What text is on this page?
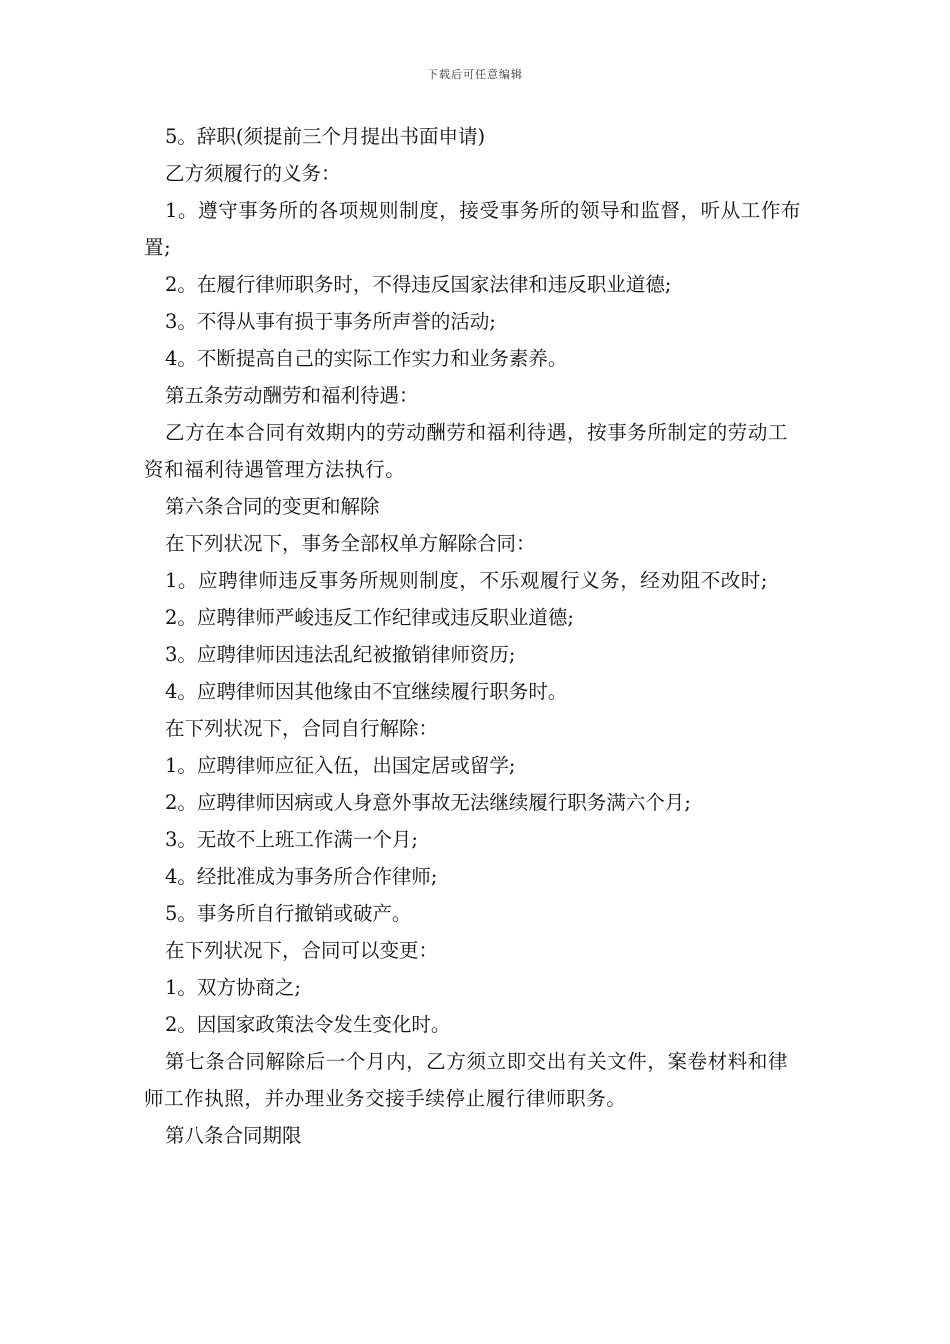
下载后可任意编辑

5。辞职(须提前三个月提出书面申请)

乙方须履行的义务：

1。遵守事务所的各项规则制度，接受事务所的领导和监督，听从工作布置;

2。在履行律师职务时，不得违反国家法律和违反职业道德;

3。不得从事有损于事务所声誉的活动;

4。不断提高自己的实际工作实力和业务素养。

第五条劳动酬劳和福利待遇：

乙方在本合同有效期内的劳动酬劳和福利待遇，按事务所制定的劳动工资和福利待遇管理方法执行。

第六条合同的变更和解除

在下列状况下，事务全部权单方解除合同：

1。应聘律师违反事务所规则制度，不乐观履行义务，经劝阻不改时;

2。应聘律师严峻违反工作纪律或违反职业道德;

3。应聘律师因违法乱纪被撤销律师资历;

4。应聘律师因其他缘由不宜继续履行职务时。

在下列状况下，合同自行解除：

1。应聘律师应征入伍，出国定居或留学;

2。应聘律师因病或人身意外事故无法继续履行职务满六个月;

3。无故不上班工作满一个月;

4。经批准成为事务所合作律师;

5。事务所自行撤销或破产。

在下列状况下，合同可以变更：

1。双方协商之;

2。因国家政策法令发生变化时。

第七条合同解除后一个月内，乙方须立即交出有关文件，案卷材料和律师工作执照，并办理业务交接手续停止履行律师职务。

第八条合同期限
